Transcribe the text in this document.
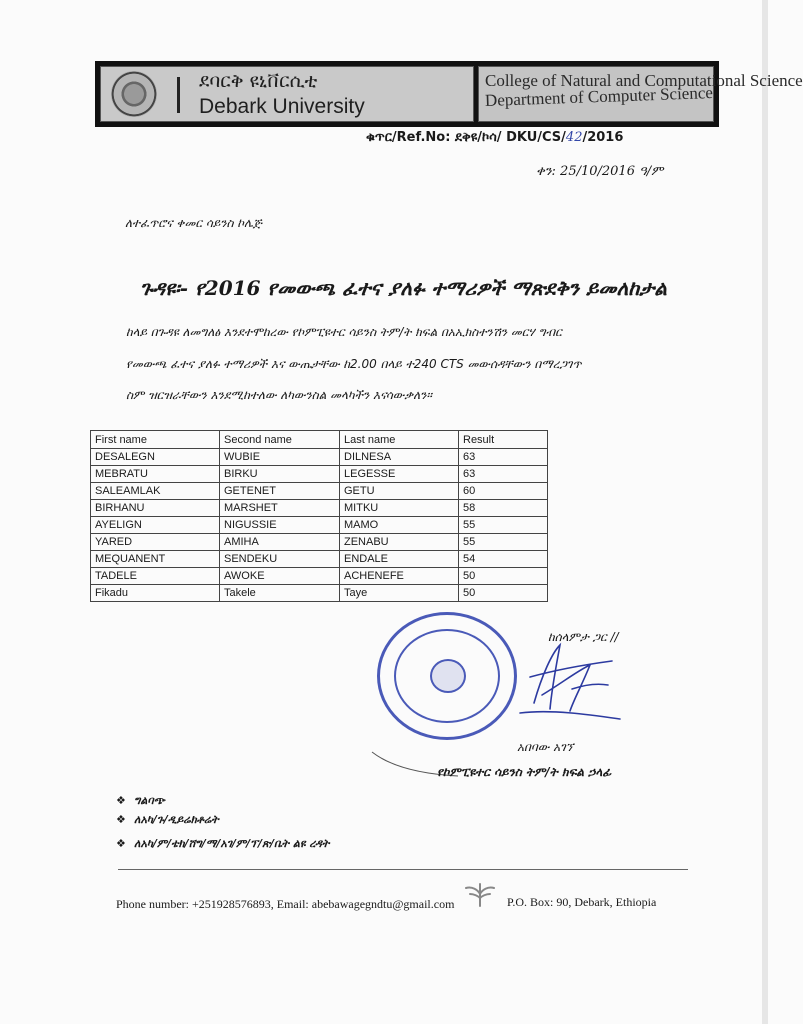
ደባርቅ ዩኒቨርሲቲ
Debark University
College of Natural and Computational Science
Department of Computer Science
ቁጥር/Ref.No: ደቅዩ/ኮሳ/ DKU/CS/42/2016
ቀን: 25/10/2016 ዓ/ም
ለተፈጥሮና ቀመር ሳይንስ ኮሌጅ
ጉዳዩ፡- የ2016 የመውጫ ፈተና ያለፉ ተማሪዎች ማጽደቅን ይመለከታል
ከላይ በጉዳዩ ለመግለፅ እንደተሞከረው የኮምፒዩተር ሳይንስ ትም/ት ክፍል በአኢክስተንሽን መርሃ ግብር
የመውጫ ፈተና ያለፉ ተማሪዎች እና ውጤታቸው ከ2.00 በላይ ተ240 CTS መውሰዳቸውን በማረጋገጥ
ስም ዝርዝራቸውን እንደሚከተለው ለካውንስል መላካችን እናሳውቃለን።
First name	Second name	Last name	Result
DESALEGN	WUBIE	DILNESA	63
MEBRATU	BIRKU	LEGESSE	63
SALEAMLAK	GETENET	GETU	60
BIRHANU	MARSHET	MITKU	58
AYELIGN	NIGUSSIE	MAMO	55
YARED	AMIHA	ZENABU	55
MEQUANENT	SENDEKU	ENDALE	54
TADELE	AWOKE	ACHENEFE	50
Fikadu	Takele	Taye	50
ከሰላምታ ጋር //
አበባው አገኘ
የኮምፒዩተር ሳይንስ ትም/ት ክፍል ኃላፊ
❖ ግልባጭ
❖ ለአካ/ጉ/ዲይሬክቶሬት
❖ ለአካ/ም/ቴክ/ሸግ/ማ/አገ/ም/ፕ/ጽ/ቤት ልዩ ረዳት
Phone number: +251928576893, Email: abebawagegndtu@gmail.com	P.O. Box: 90, Debark, Ethiopia
